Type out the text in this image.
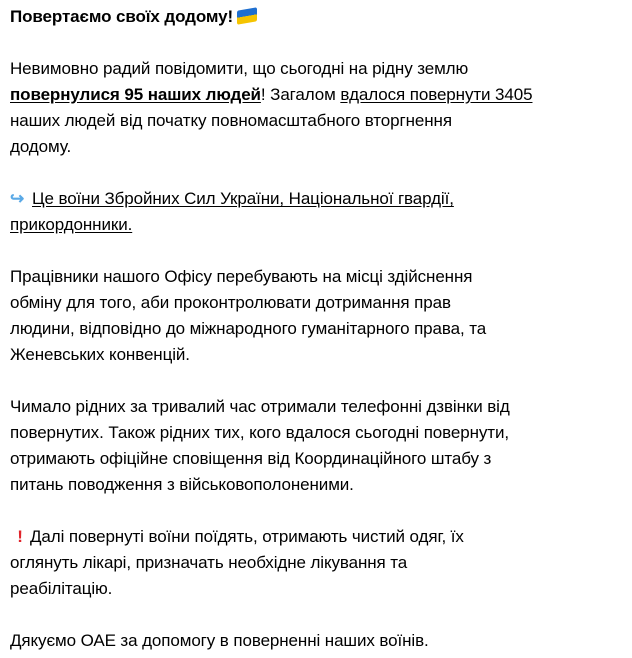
Повертаємо своїх додому!
Невимовно радий повідомити, що сьогодні на рідну землю
повернулися 95 наших людей! Загалом вдалося повернути 3405
наших людей від початку повномасштабного вторгнення
додому.
↪ Це воїни Збройних Сил України, Національної гвардії,
прикордонники.
Працівники нашого Офісу перебувають на місці здійснення
обміну для того, аби проконтролювати дотримання прав
людини, відповідно до міжнародного гуманітарного права, та
Женевських конвенцій.
Чимало рідних за тривалий час отримали телефонні дзвінки від
повернутих. Також рідних тих, кого вдалося сьогодні повернути,
отримають офіційне сповіщення від Координаційного штабу з
питань поводження з військовополоненими.
! Далі повернуті воїни поїдять, отримають чистий одяг, їх
оглянуть лікарі, призначать необхідне лікування та
реабілітацію.
Дякуємо ОАЕ за допомогу в поверненні наших воїнів.
